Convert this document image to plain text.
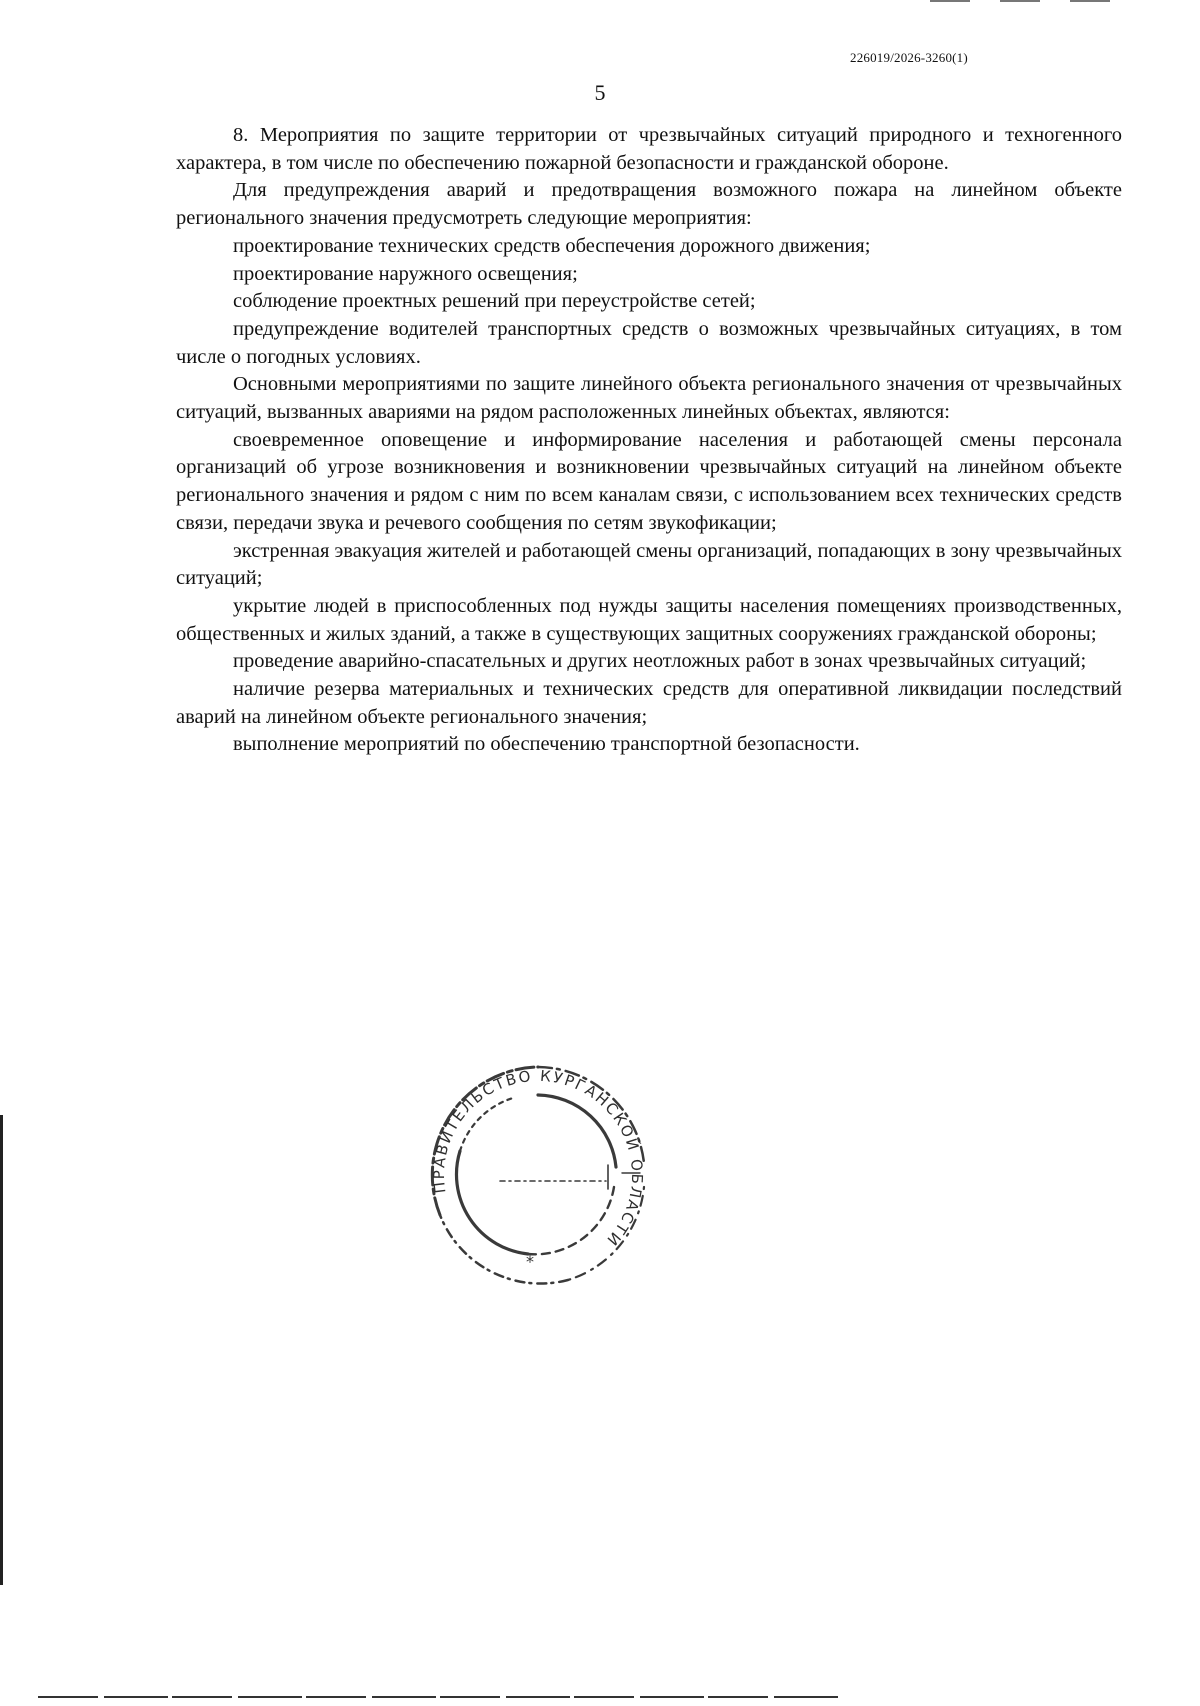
226019/2026-3260(1)
5

8. Мероприятия по защите территории от чрезвычайных ситуаций природного и техногенного характера, в том числе по обеспечению пожарной безопасности и гражданской обороне.

Для предупреждения аварий и предотвращения возможного пожара на линейном объекте регионального значения предусмотреть следующие мероприятия:

проектирование технических средств обеспечения дорожного движения;

проектирование наружного освещения;

соблюдение проектных решений при переустройстве сетей;

предупреждение водителей транспортных средств о возможных чрезвычайных ситуациях, в том числе о погодных условиях.

Основными мероприятиями по защите линейного объекта регионального значения от чрезвычайных ситуаций, вызванных авариями на рядом расположенных линейных объектах, являются:

своевременное оповещение и информирование населения и работающей смены персонала организаций об угрозе возникновения и возникновении чрезвычайных ситуаций на линейном объекте регионального значения и рядом с ним по всем каналам связи, с использованием всех технических средств связи, передачи звука и речевого сообщения по сетям звукофикации;

экстренная эвакуация жителей и работающей смены организаций, попадающих в зону чрезвычайных ситуаций;

укрытие людей в приспособленных под нужды защиты населения помещениях производственных, общественных и жилых зданий, а также в существующих защитных сооружениях гражданской обороны;

проведение аварийно-спасательных и других неотложных работ в зонах чрезвычайных ситуаций;

наличие резерва материальных и технических средств для оперативной ликвидации последствий аварий на линейном объекте регионального значения;

выполнение мероприятий по обеспечению транспортной безопасности.

ПРАВИТЕЛЬСТВО КУРГАНСКОЙ ОБЛАСТИ
*
